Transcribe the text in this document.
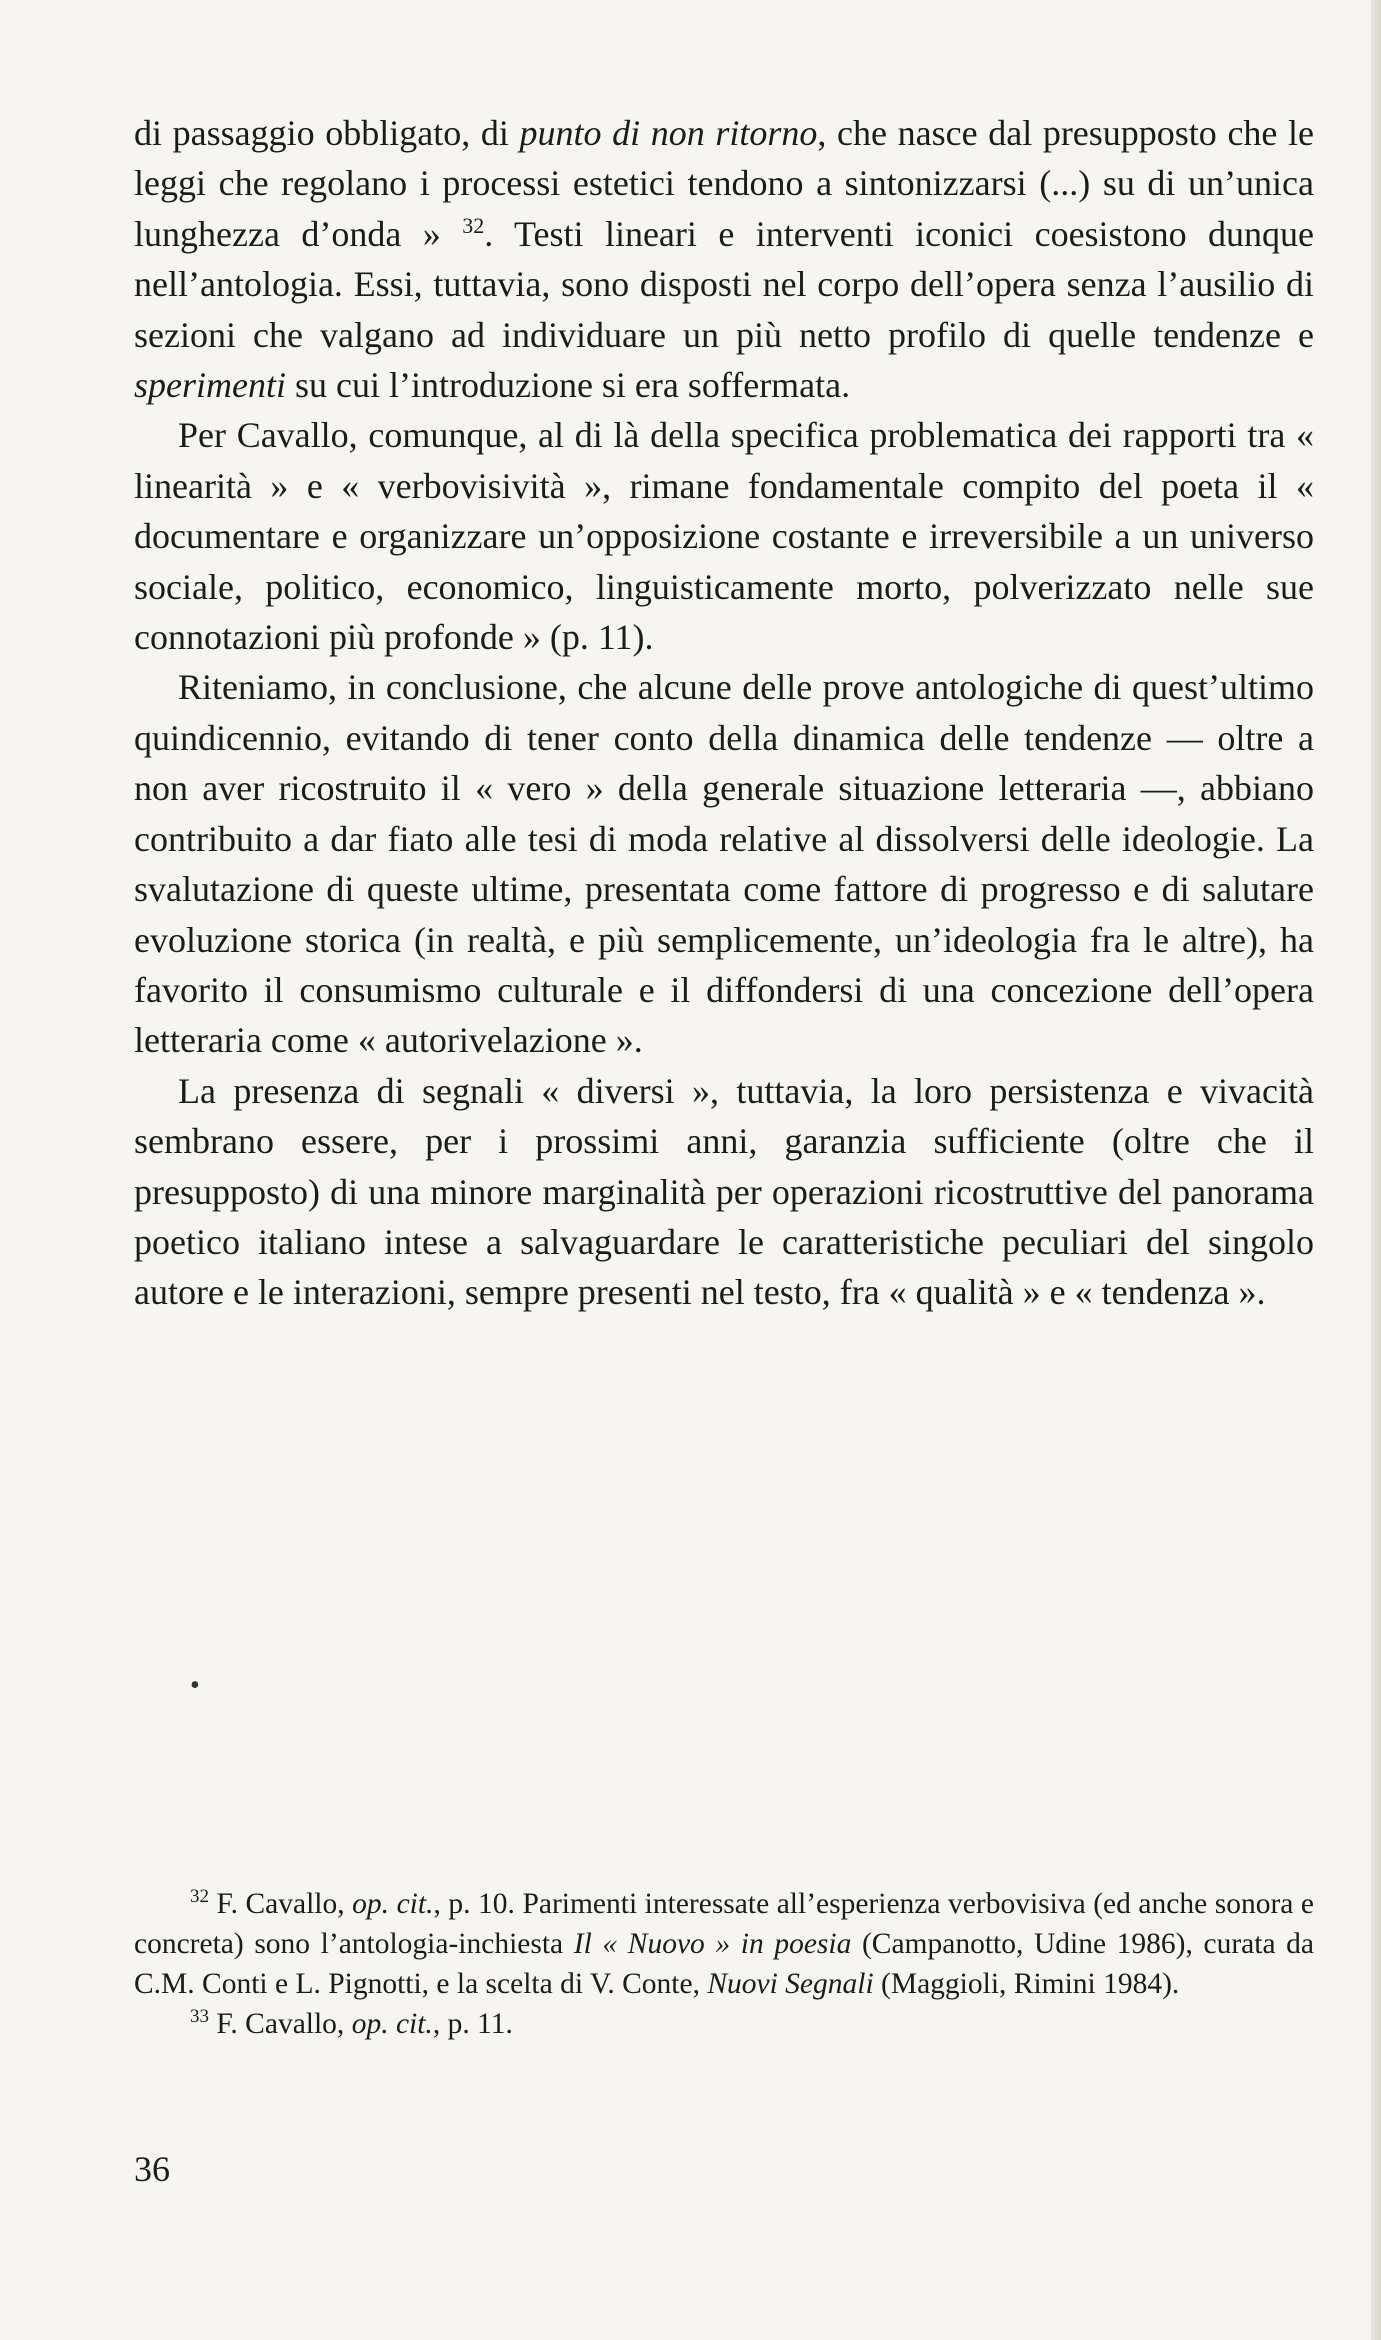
di passaggio obbligato, di punto di non ritorno, che nasce dal presupposto che le leggi che regolano i processi estetici tendono a sintonizzarsi (...) su di un’unica lunghezza d’onda » $^{32}$. Testi lineari e interventi iconici coesistono dunque nell’antologia. Essi, tuttavia, sono disposti nel corpo dell’opera senza l’ausilio di sezioni che valgano ad individuare un più netto profilo di quelle tendenze e sperimenti su cui l’introduzione si era soffermata.

Per Cavallo, comunque, al di là della specifica problematica dei rapporti tra « linearità » e « verbovisività », rimane fondamentale compito del poeta il « documentare e organizzare un’opposizione costante e irreversibile a un universo sociale, politico, economico, linguisticamente morto, polverizzato nelle sue connotazioni più profonde » (p. 11).

Riteniamo, in conclusione, che alcune delle prove antologiche di quest’ultimo quindicennio, evitando di tener conto della dinamica delle tendenze — oltre a non aver ricostruito il « vero » della generale situazione letteraria —, abbiano contribuito a dar fiato alle tesi di moda relative al dissolversi delle ideologie. La svalutazione di queste ultime, presentata come fattore di progresso e di salutare evoluzione storica (in realtà, e più semplicemente, un’ideologia fra le altre), ha favorito il consumismo culturale e il diffondersi di una concezione dell’opera letteraria come « autorivelazione ».

La presenza di segnali « diversi », tuttavia, la loro persistenza e vivacità sembrano essere, per i prossimi anni, garanzia sufficiente (oltre che il presupposto) di una minore marginalità per operazioni ricostruttive del panorama poetico italiano intese a salvaguardare le caratteristiche peculiari del singolo autore e le interazioni, sempre presenti nel testo, fra « qualità » e « tendenza ».

•

$^{32}$ F. Cavallo, op. cit., p. 10. Parimenti interessate all’esperienza verbovisiva (ed anche sonora e concreta) sono l’antologia-inchiesta Il « Nuovo » in poesia (Campanotto, Udine 1986), curata da C.M. Conti e L. Pignotti, e la scelta di V. Conte, Nuovi Segnali (Maggioli, Rimini 1984).

$^{33}$ F. Cavallo, op. cit., p. 11.

36
